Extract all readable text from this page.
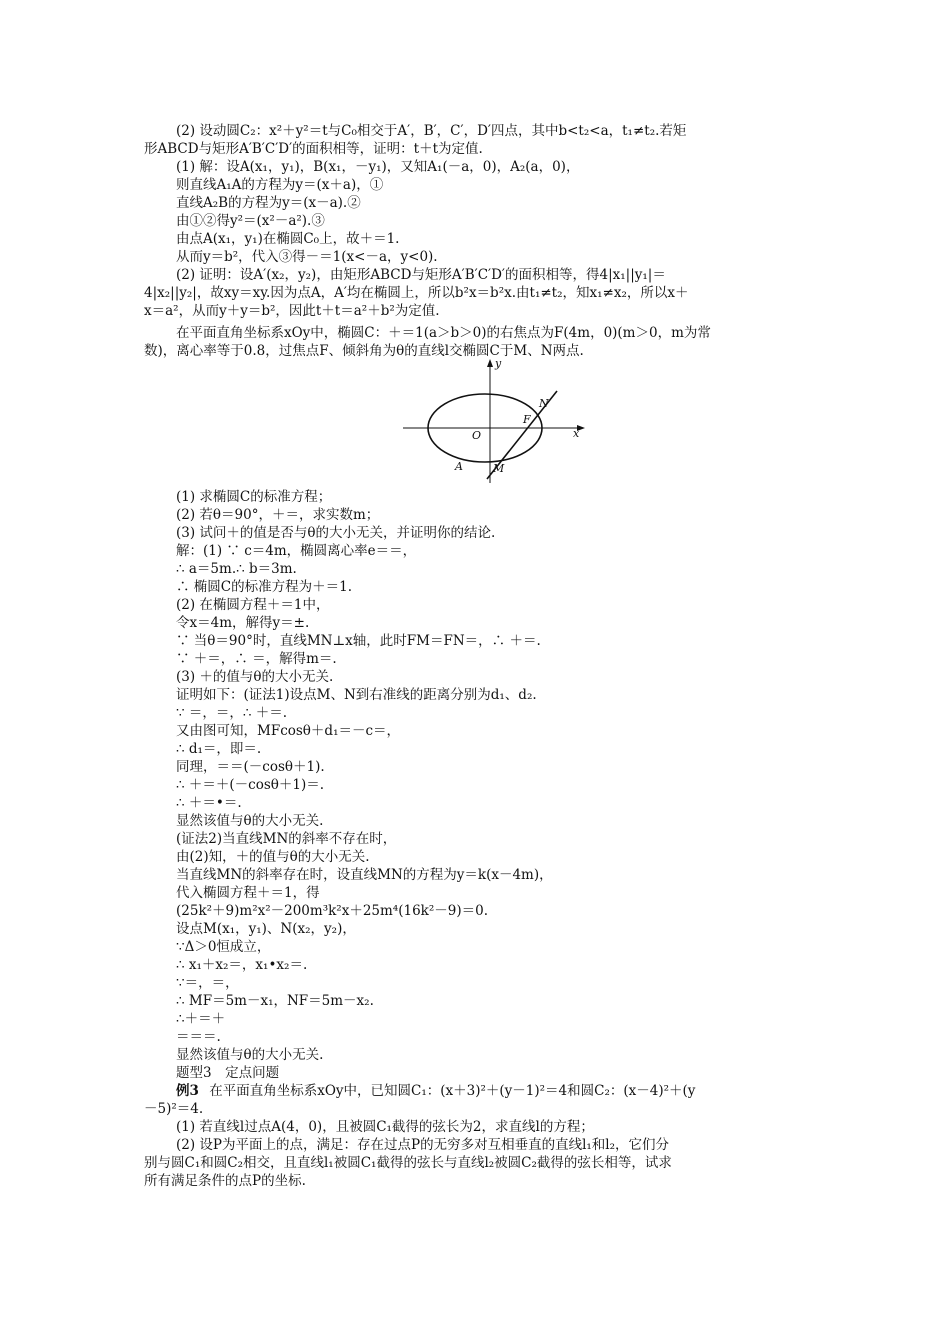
(2) 设动圆C₂：x²＋y²＝t与C₀相交于A′，B′，C′，D′四点，其中b<t₂<a，t₁≠t₂.若矩
形ABCD与矩形A′B′C′D′的面积相等，证明：t＋t为定值.
(1) 解：设A(x₁，y₁)，B(x₁，－y₁)，又知A₁(－a，0)，A₂(a，0)，
则直线A₁A的方程为y＝(x＋a)，①
直线A₂B的方程为y＝(x－a).②
由①②得y²＝(x²－a²).③
由点A(x₁，y₁)在椭圆C₀上，故＋＝1.
从而y＝b²，代入③得－＝1(x<－a，y<0).
(2) 证明：设A′(x₂，y₂)，由矩形ABCD与矩形A′B′C′D′的面积相等，得4|x₁||y₁|＝
4|x₂||y₂|，故xy＝xy.因为点A，A′均在椭圆上，所以b²x＝b²x.由t₁≠t₂，知x₁≠x₂，所以x＋
x＝a²，从而y＋y＝b²，因此t＋t＝a²＋b²为定值.
在平面直角坐标系xOy中，椭圆C：＋＝1(a＞b＞0)的右焦点为F(4m，0)(m＞0，m为常
数)，离心率等于0.8，过焦点F、倾斜角为θ的直线l交椭圆C于M、N两点.
y
x
O
F
N
A	M
(1) 求椭圆C的标准方程；
(2) 若θ＝90°，＋＝，求实数m；
(3) 试问＋的值是否与θ的大小无关，并证明你的结论.
解：(1) ∵ c＝4m，椭圆离心率e＝＝，
∴ a＝5m.∴ b＝3m.
∴ 椭圆C的标准方程为＋＝1.
(2) 在椭圆方程＋＝1中，
令x＝4m，解得y＝±.
∵ 当θ＝90°时，直线MN⊥x轴，此时FM＝FN＝，∴ ＋＝.
∵ ＋＝，∴ ＝，解得m＝.
(3) ＋的值与θ的大小无关.
证明如下：(证法1)设点M、N到右准线的距离分别为d₁、d₂.
∵ ＝，＝，∴ ＋＝.
又由图可知，MFcosθ＋d₁＝－c＝，
∴ d₁＝，即＝.
同理，＝＝(－cosθ＋1).
∴ ＋＝＋(－cosθ＋1)＝.
∴ ＋＝•＝.
显然该值与θ的大小无关.
(证法2)当直线MN的斜率不存在时，
由(2)知，＋的值与θ的大小无关.
当直线MN的斜率存在时，设直线MN的方程为y＝k(x－4m)，
代入椭圆方程＋＝1，得
(25k²＋9)m²x²－200m³k²x＋25m⁴(16k²－9)＝0.
设点M(x₁，y₁)、N(x₂，y₂)，
∵Δ＞0恒成立，
∴ x₁＋x₂＝，x₁•x₂＝.
∵＝，＝，
∴ MF＝5m－x₁，NF＝5m－x₂.
∴＋＝＋
＝＝＝.
显然该值与θ的大小无关.
题型3　定点问题
例3 在平面直角坐标系xOy中，已知圆C₁：(x＋3)²＋(y－1)²＝4和圆C₂：(x－4)²＋(y
－5)²＝4.
(1) 若直线l过点A(4，0)，且被圆C₁截得的弦长为2，求直线l的方程；
(2) 设P为平面上的点，满足：存在过点P的无穷多对互相垂直的直线l₁和l₂，它们分
别与圆C₁和圆C₂相交，且直线l₁被圆C₁截得的弦长与直线l₂被圆C₂截得的弦长相等，试求
所有满足条件的点P的坐标.
